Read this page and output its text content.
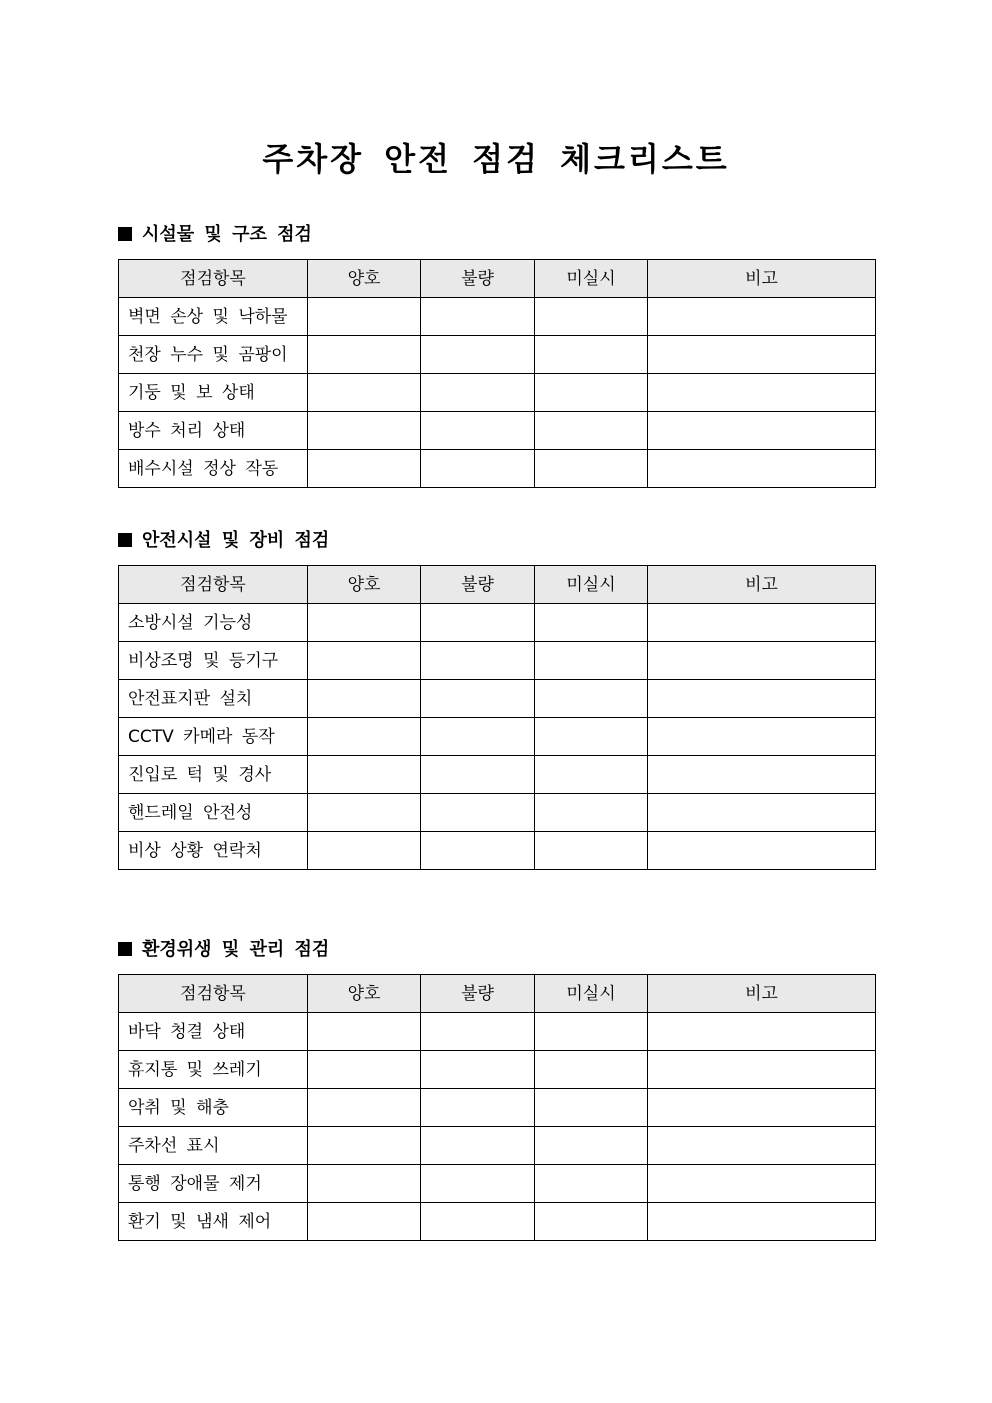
주차장 안전 점검 체크리스트
시설물 및 구조 점검
점검항목	양호	불량	미실시	비고
벽면 손상 및 낙하물				
천장 누수 및 곰팡이				
기둥 및 보 상태				
방수 처리 상태				
배수시설 정상 작동				
안전시설 및 장비 점검
점검항목	양호	불량	미실시	비고
소방시설 기능성				
비상조명 및 등기구				
안전표지판 설치				
CCTV 카메라 동작				
진입로 턱 및 경사				
핸드레일 안전성				
비상 상황 연락처				
환경위생 및 관리 점검
점검항목	양호	불량	미실시	비고
바닥 청결 상태				
휴지통 및 쓰레기				
악취 및 해충				
주차선 표시				
통행 장애물 제거				
환기 및 냄새 제어				
